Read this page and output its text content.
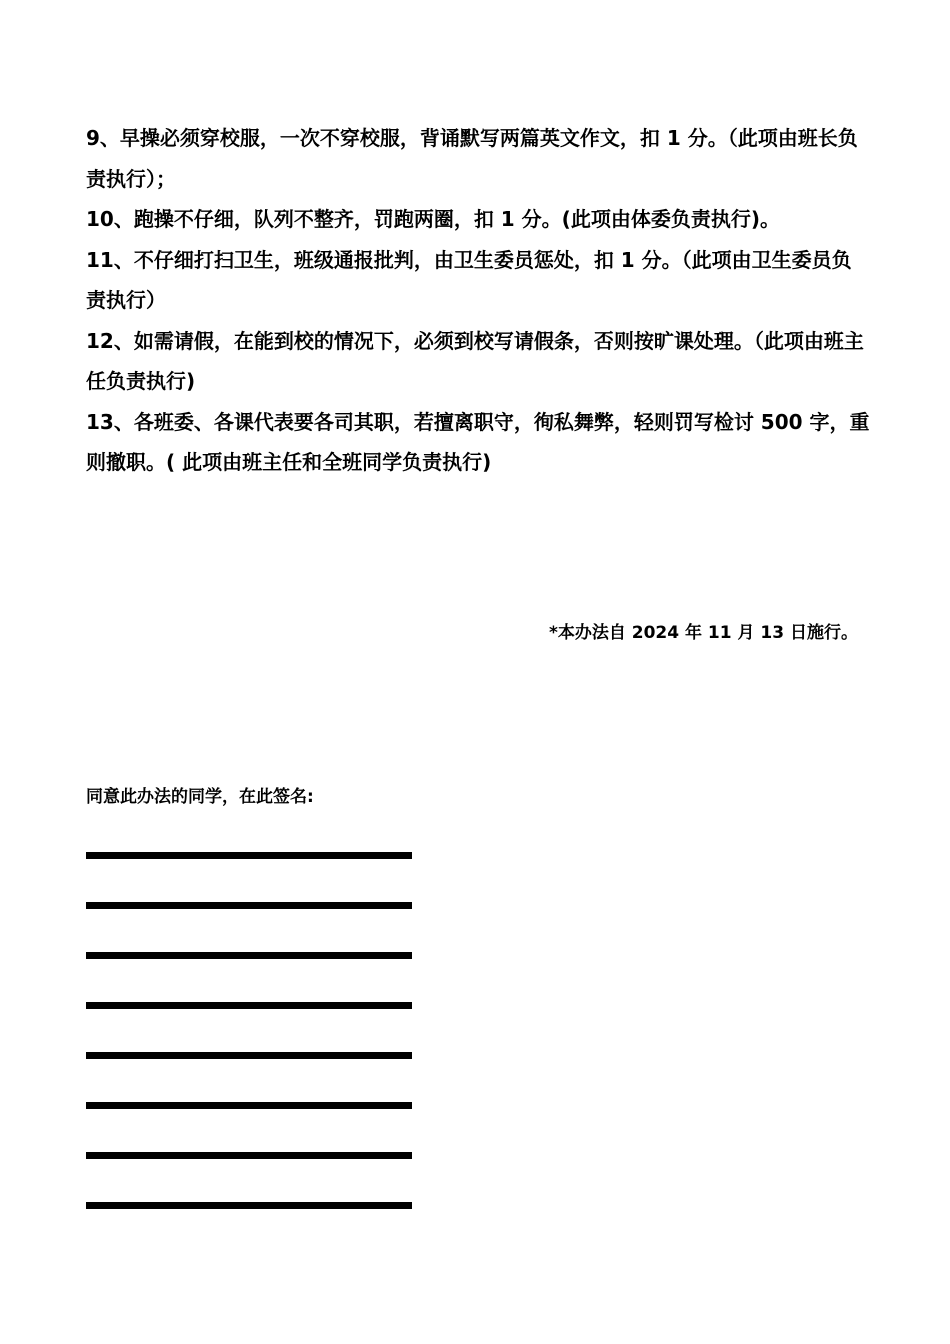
9、早操必须穿校服，一次不穿校服，背诵默写两篇英文作文，扣 1 分。（此项由班长负责执行）；
10、跑操不仔细，队列不整齐，罚跑两圈，扣 1 分。(此项由体委负责执行)。
11、不仔细打扫卫生，班级通报批判，由卫生委员惩处，扣 1 分。（此项由卫生委员负责执行）
12、如需请假，在能到校的情况下，必须到校写请假条，否则按旷课处理。（此项由班主任负责执行)
13、各班委、各课代表要各司其职，若擅离职守，徇私舞弊，轻则罚写检讨 500 字，重则撤职。( 此项由班主任和全班同学负责执行)

*本办法自 2024 年 11 月 13 日施行。

同意此办法的同学，在此签名:
